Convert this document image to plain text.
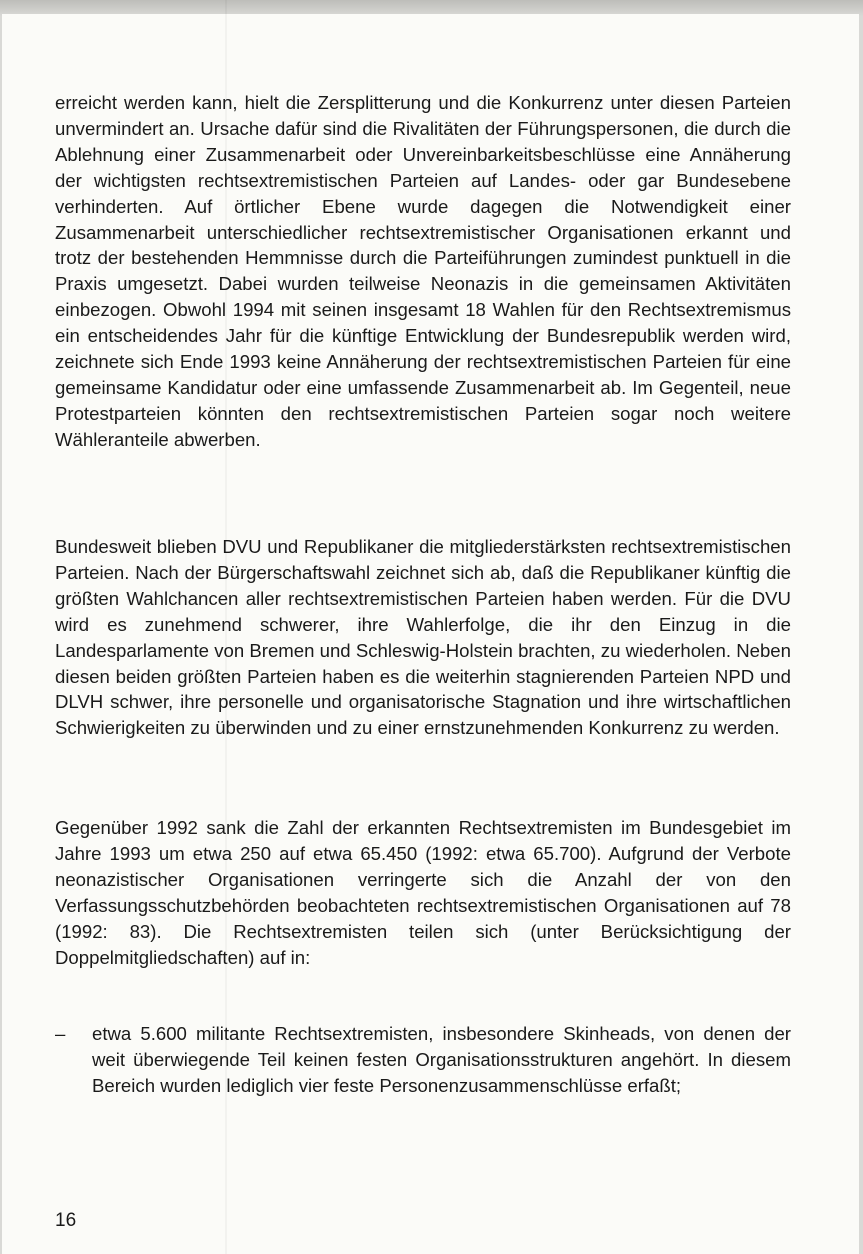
erreicht werden kann, hielt die Zersplitterung und die Konkurrenz unter diesen Parteien unvermindert an. Ursache dafür sind die Rivalitäten der Führungspersonen, die durch die Ablehnung einer Zusammenarbeit oder Unvereinbarkeitsbeschlüsse eine Annäherung der wichtigsten rechtsextremistischen Parteien auf Landes- oder gar Bundesebene verhinderten. Auf örtlicher Ebene wurde dagegen die Notwendigkeit einer Zusammenarbeit unterschiedlicher rechtsextremistischer Organisationen erkannt und trotz der bestehenden Hemmnisse durch die Parteiführungen zumindest punktuell in die Praxis umgesetzt. Dabei wurden teilweise Neonazis in die gemeinsamen Aktivitäten einbezogen. Obwohl 1994 mit seinen insgesamt 18 Wahlen für den Rechtsextremismus ein entscheidendes Jahr für die künftige Entwicklung der Bundesrepublik werden wird, zeichnete sich Ende 1993 keine Annäherung der rechtsextremistischen Parteien für eine gemeinsame Kandidatur oder eine umfassende Zusammenarbeit ab. Im Gegenteil, neue Protestparteien könnten den rechtsextremistischen Parteien sogar noch weitere Wähleranteile abwerben.

Bundesweit blieben DVU und Republikaner die mitgliederstärksten rechtsextremistischen Parteien. Nach der Bürgerschaftswahl zeichnet sich ab, daß die Republikaner künftig die größten Wahlchancen aller rechtsextremistischen Parteien haben werden. Für die DVU wird es zunehmend schwerer, ihre Wahlerfolge, die ihr den Einzug in die Landesparlamente von Bremen und Schleswig-Holstein brachten, zu wiederholen. Neben diesen beiden größten Parteien haben es die weiterhin stagnierenden Parteien NPD und DLVH schwer, ihre personelle und organisatorische Stagnation und ihre wirtschaftlichen Schwierigkeiten zu überwinden und zu einer ernstzunehmenden Konkurrenz zu werden.

Gegenüber 1992 sank die Zahl der erkannten Rechtsextremisten im Bundesgebiet im Jahre 1993 um etwa 250 auf etwa 65.450 (1992: etwa 65.700). Aufgrund der Verbote neonazistischer Organisationen verringerte sich die Anzahl der von den Verfassungsschutzbehörden beobachteten rechtsextremistischen Organisationen auf 78 (1992: 83). Die Rechtsextremisten teilen sich (unter Berücksichtigung der Doppelmitgliedschaften) auf in:

– etwa 5.600 militante Rechtsextremisten, insbesondere Skinheads, von denen der weit überwiegende Teil keinen festen Organisationsstrukturen angehört. In diesem Bereich wurden lediglich vier feste Personenzusammenschlüsse erfaßt;

16
